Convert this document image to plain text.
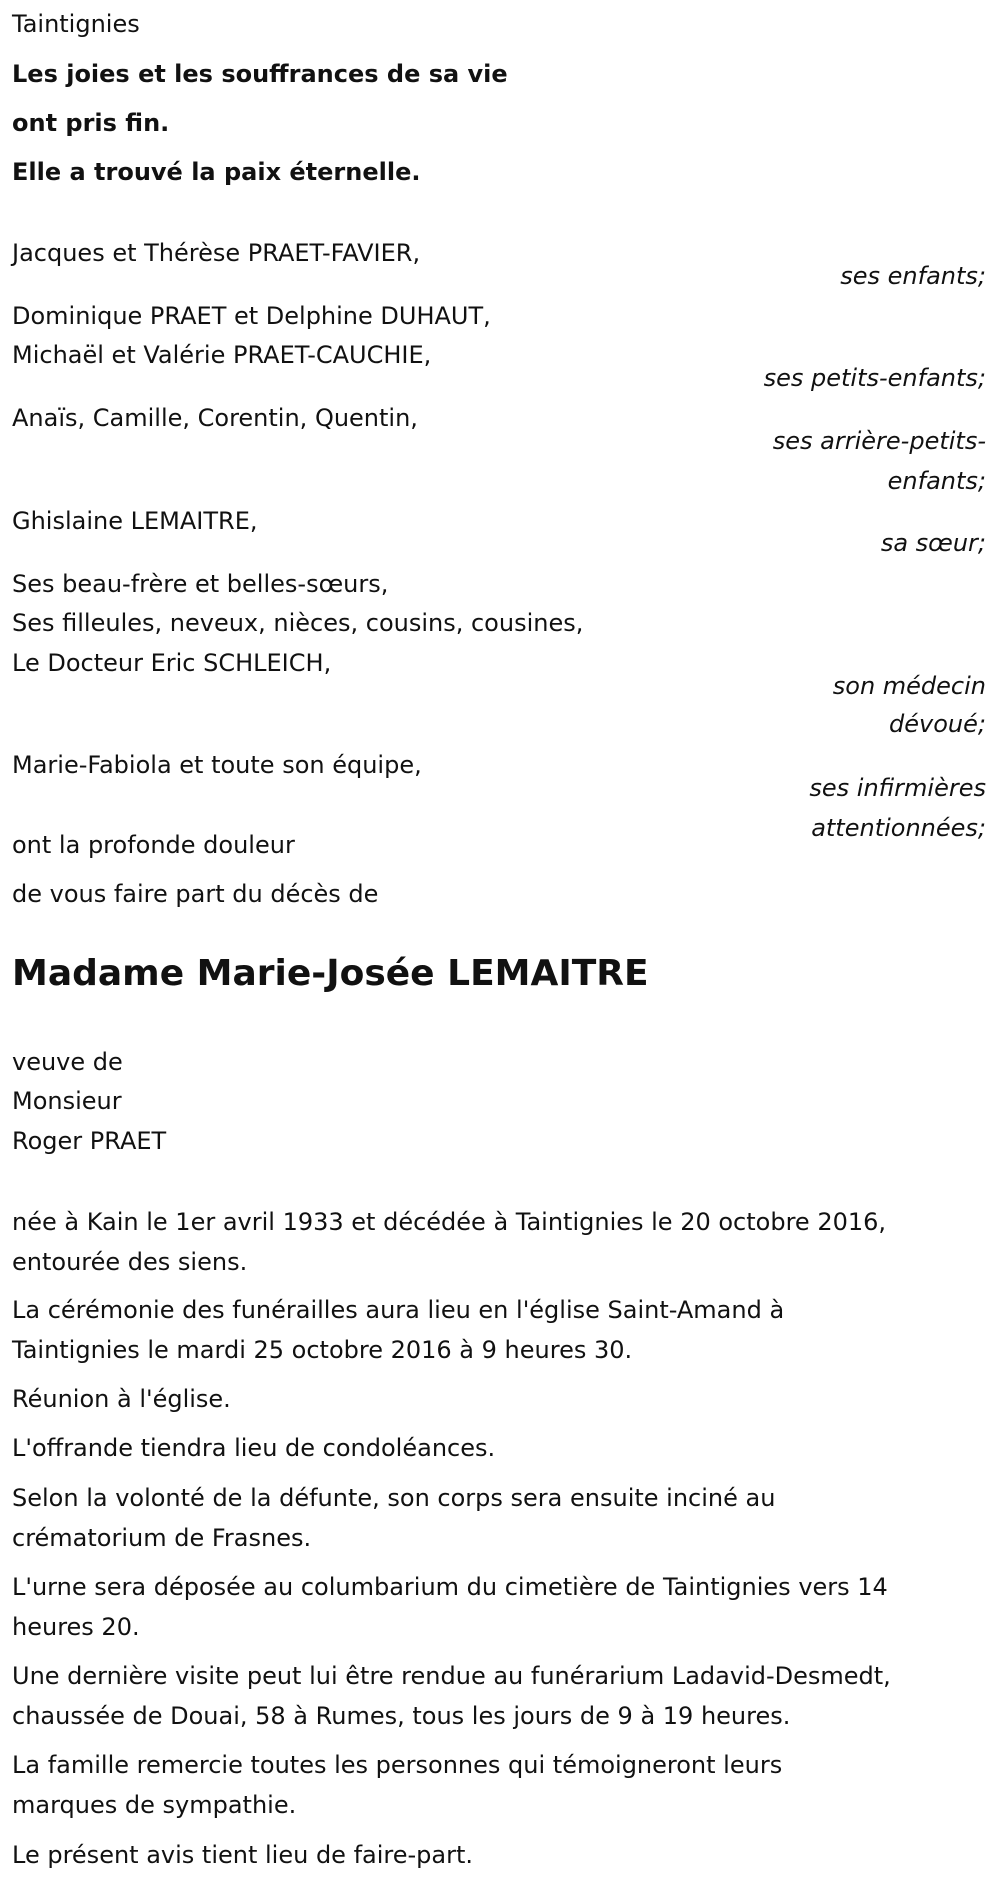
Taintignies
Les joies et les souffrances de sa vie
ont pris fin.
Elle a trouvé la paix éternelle.
Jacques et Thérèse PRAET-FAVIER,
ses enfants;
Dominique PRAET et Delphine DUHAUT,
Michaël et Valérie PRAET-CAUCHIE,
ses petits-enfants;
Anaïs, Camille, Corentin, Quentin,
ses arrière-petits-
enfants;
Ghislaine LEMAITRE,
sa sœur;
Ses beau-frère et belles-sœurs,
Ses filleules, neveux, nièces, cousins, cousines,
Le Docteur Eric SCHLEICH,
son médecin
dévoué;
Marie-Fabiola et toute son équipe,
ses infirmières
attentionnées;
ont la profonde douleur
de vous faire part du décès de
Madame Marie-Josée LEMAITRE
veuve de
Monsieur
Roger PRAET
née à Kain le 1er avril 1933 et décédée à Taintignies le 20 octobre 2016,
entourée des siens.
La cérémonie des funérailles aura lieu en l'église Saint-Amand à
Taintignies le mardi 25 octobre 2016 à 9 heures 30.
Réunion à l'église.
L'offrande tiendra lieu de condoléances.
Selon la volonté de la défunte, son corps sera ensuite inciné au
crématorium de Frasnes.
L'urne sera déposée au columbarium du cimetière de Taintignies vers 14
heures 20.
Une dernière visite peut lui être rendue au funérarium Ladavid-Desmedt,
chaussée de Douai, 58 à Rumes, tous les jours de 9 à 19 heures.
La famille remercie toutes les personnes qui témoigneront leurs
marques de sympathie.
Le présent avis tient lieu de faire-part.
